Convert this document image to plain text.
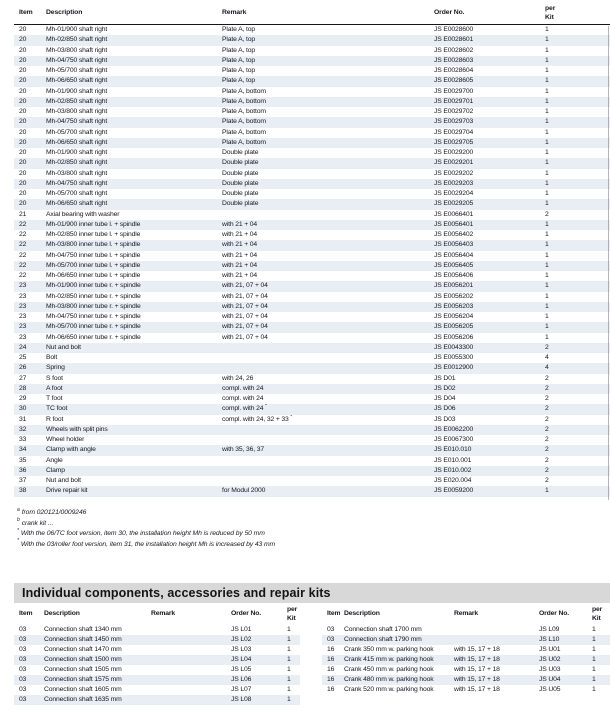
Item	Description	Remark	Order No.
per
Kit
20	Mh-01/900 shaft right	Plate A, top	JS E0028600	1
20	Mh-02/850 shaft right	Plate A, top	JS E0028601	1
20	Mh-03/800 shaft right	Plate A, top	JS E0028602	1
20	Mh-04/750 shaft right	Plate A, top	JS E0028603	1
20	Mh-05/700 shaft right	Plate A, top	JS E0028604	1
20	Mh-06/650 shaft right	Plate A, top	JS E0028605	1
20	Mh-01/900 shaft right	Plate A, bottom	JS E0029700	1
20	Mh-02/850 shaft right	Plate A, bottom	JS E0029701	1
20	Mh-03/800 shaft right	Plate A, bottom	JS E0029702	1
20	Mh-04/750 shaft right	Plate A, bottom	JS E0029703	1
20	Mh-05/700 shaft right	Plate A, bottom	JS E0029704	1
20	Mh-06/650 shaft right	Plate A, bottom	JS E0029705	1
20	Mh-01/900 shaft right	Double plate	JS E0029200	1
20	Mh-02/850 shaft right	Double plate	JS E0029201	1
20	Mh-03/800 shaft right	Double plate	JS E0029202	1
20	Mh-04/750 shaft right	Double plate	JS E0029203	1
20	Mh-05/700 shaft right	Double plate	JS E0029204	1
20	Mh-06/650 shaft right	Double plate	JS E0029205	1
21	Axial bearing with washer	JS E0066401	2
22	Mh-01/900 inner tube l. + spindle	with 21 + 04	JS E0056401	1
22	Mh-02/850 inner tube l. + spindle	with 21 + 04	JS E0056402	1
22	Mh-03/800 inner tube l. + spindle	with 21 + 04	JS E0056403	1
22	Mh-04/750 inner tube l. + spindle	with 21 + 04	JS E0056404	1
22	Mh-05/700 inner tube l. + spindle	with 21 + 04	JS E0056405	1
22	Mh-06/650 inner tube l. + spindle	with 21 + 04	JS E0056406	1
23	Mh-01/900 inner tube r. + spindle	with 21, 07 + 04	JS E0056201	1
23	Mh-02/850 inner tube r. + spindle	with 21, 07 + 04	JS E0056202	1
23	Mh-03/800 inner tube r. + spindle	with 21, 07 + 04	JS E0056203	1
23	Mh-04/750 inner tube r. + spindle	with 21, 07 + 04	JS E0056204	1
23	Mh-05/700 inner tube r. + spindle	with 21, 07 + 04	JS E0056205	1
23	Mh-06/650 inner tube r. + spindle	with 21, 07 + 04	JS E0056206	1
24	Nut and bolt	JS E0043300	2
25	Bolt	JS E0055300	4
26	Spring	JS E0012900	4
27	S foot	with 24, 26	JS D01	2
28	A foot	compl. with 24	JS D02	2
29	T foot	compl. with 24	JS D04	2
30	TC foot	compl. with 24 *	JS D06	2
31	R foot	compl. with 24, 32 + 33 *	JS D03	2
32	Wheels with split pins	JS E0062200	2
33	Wheel holder	JS E0067300	2
34	Clamp with angle	with 35, 36, 37	JS E010.010	2
35	Angle	JS E010.001	2
36	Clamp	JS E010.002	2
37	Nut and bolt	JS E020.004	2
38	Drive repair kit	for Modul 2000	JS E0059200	1
$^a$ from 020121/0009246
$^b$ crank kit ...
* With the 06/TC foot version, item 30, the installation height Mh is reduced by 50 mm
* With the 03/roller foot version, item 31, the installation height Mh is increased by 43 mm
Individual components, accessories and repair kits
Item	Description	Remark	Order No.
per
Kit
03	Connection shaft 1340 mm	JS L01	1
03	Connection shaft 1450 mm	JS L02	1
03	Connection shaft 1470 mm	JS L03	1
03	Connection shaft 1500 mm	JS L04	1
03	Connection shaft 1505 mm	JS L05	1
03	Connection shaft 1575 mm	JS L06	1
03	Connection shaft 1605 mm	JS L07	1
03	Connection shaft 1635 mm	JS L08	1
Item Description	Remark	Order No.
per
Kit
03	Connection shaft 1700 mm	JS L09	1
03	Connection shaft 1790 mm	JS L10	1
16	Crank 350 mm w. parking hook	with 15, 17 + 18	JS U01	1
16	Crank 415 mm w. parking hook	with 15, 17 + 18	JS U02	1
16	Crank 450 mm w. parking hook	with 15, 17 + 18	JS U03	1
16	Crank 480 mm w. parking hook	with 15, 17 + 18	JS U04	1
16	Crank 520 mm w. parking hook	with 15, 17 + 18	JS U05	1
